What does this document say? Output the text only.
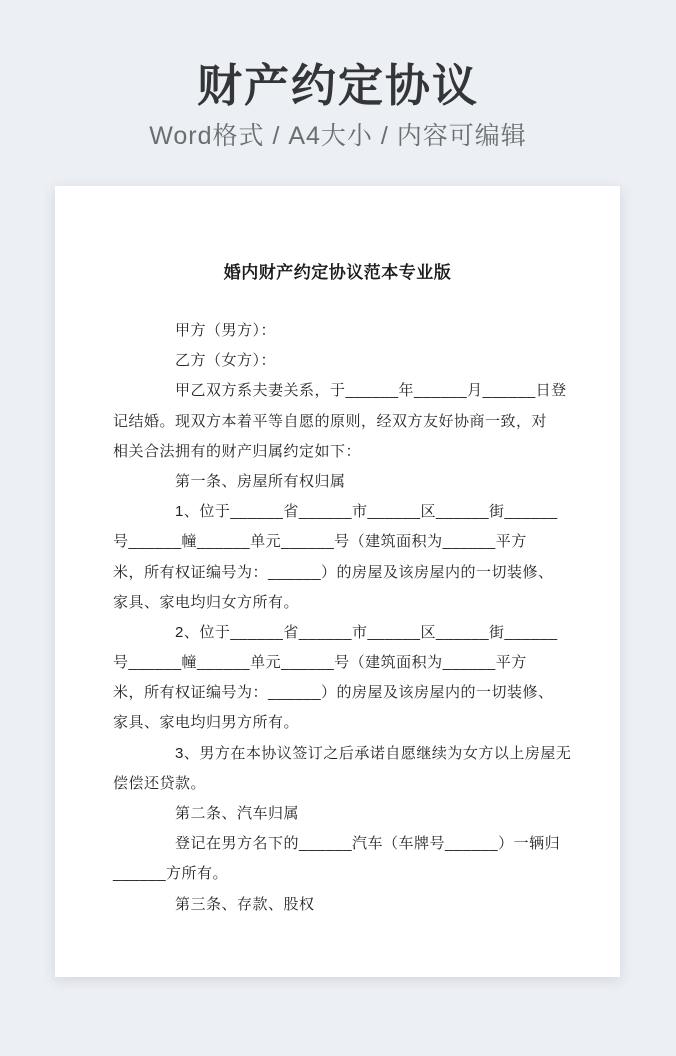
财产约定协议
Word格式 / A4大小 / 内容可编辑
婚内财产约定协议范本专业版
甲方（男方）：
乙方（女方）：
甲乙双方系夫妻关系，于______年______月______日登
记结婚。现双方本着平等自愿的原则，经双方友好协商一致，对
相关合法拥有的财产归属约定如下：
第一条、房屋所有权归属
1、位于______省______市______区______街______
号______幢______单元______号（建筑面积为______平方
米，所有权证编号为：______）的房屋及该房屋内的一切装修、
家具、家电均归女方所有。
2、位于______省______市______区______街______
号______幢______单元______号（建筑面积为______平方
米，所有权证编号为：______）的房屋及该房屋内的一切装修、
家具、家电均归男方所有。
3、男方在本协议签订之后承诺自愿继续为女方以上房屋无
偿偿还贷款。
第二条、汽车归属
登记在男方名下的______汽车（车牌号______）一辆归
______方所有。
第三条、存款、股权
